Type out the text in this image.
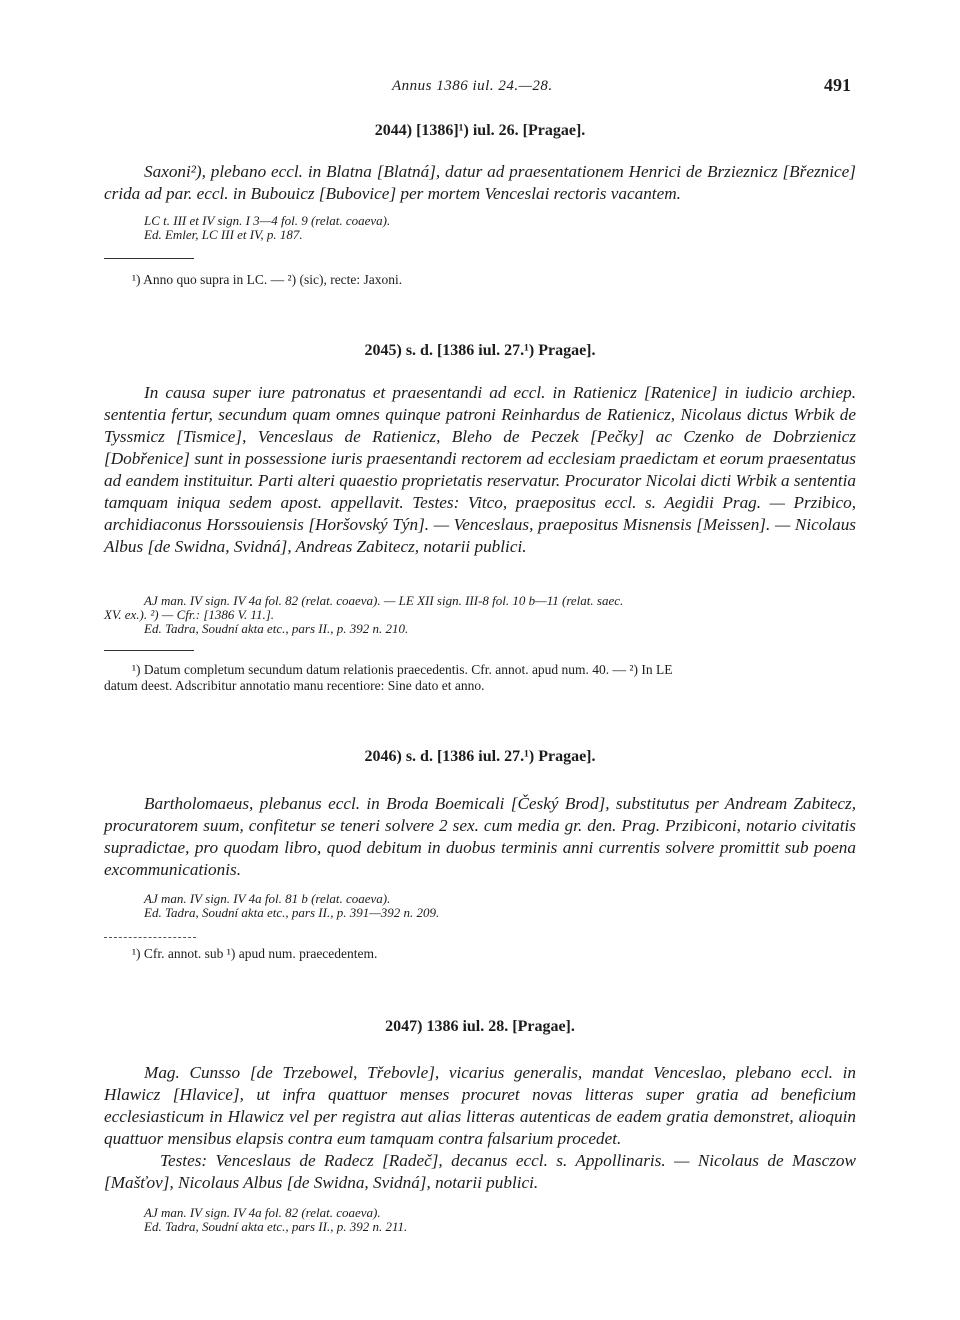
Annus 1386 iul. 24.—28.	491
2044) [1386]¹) iul. 26. [Pragae].

Saxoni²), plebano eccl. in Blatna [Blatná], datur ad praesentationem Henrici de Brzieznicz [Březnice] crida ad par. eccl. in Bubouicz [Bubovice] per mortem Venceslai rectoris vacantem.

LC t. III et IV sign. I 3—4 fol. 9 (relat. coaeva).
Ed. Emler, LC III et IV, p. 187.
¹) Anno quo supra in LC. — ²) (sic), recte: Jaxoni.
2045) s. d. [1386 iul. 27.¹) Pragae].

In causa super iure patronatus et praesentandi ad eccl. in Ratienicz [Ratenice] in iudicio archiep. sententia fertur, secundum quam omnes quinque patroni Reinhardus de Ratienicz, Nicolaus dictus Wrbik de Tyssmicz [Tismice], Venceslaus de Ratienicz, Bleho de Peczek [Pečky] ac Czenko de Dobrzienicz [Dobřenice] sunt in possessione iuris praesentandi rectorem ad ecclesiam praedictam et eorum praesentatus ad eandem instituitur. Parti alteri quaestio proprietatis reservatur. Procurator Nicolai dicti Wrbik a sententia tamquam iniqua sedem apost. appellavit. Testes: Vitco, praepositus eccl. s. Aegidii Prag. — Przibico, archidiaconus Horssouiensis [Horšovský Týn]. — Venceslaus, praepositus Misnensis [Meissen]. — Nicolaus Albus [de Swidna, Svidná], Andreas Zabitecz, notarii publici.

AJ man. IV sign. IV 4a fol. 82 (relat. coaeva). — LE XII sign. III-8 fol. 10 b—11 (relat. saec.
XV. ex.). ²) — Cfr.: [1386 V. 11.].
Ed. Tadra, Soudní akta etc., pars II., p. 392 n. 210.
¹) Datum completum secundum datum relationis praecedentis. Cfr. annot. apud num. 40. — ²) In LE
datum deest. Adscribitur annotatio manu recentiore: Sine dato et anno.
2046) s. d. [1386 iul. 27.¹) Pragae].

Bartholomaeus, plebanus eccl. in Broda Boemicali [Český Brod], substitutus per Andream Zabitecz, procuratorem suum, confitetur se teneri solvere 2 sex. cum media gr. den. Prag. Przibiconi, notario civitatis supradictae, pro quodam libro, quod debitum in duobus terminis anni currentis solvere promittit sub poena excommunicationis.

AJ man. IV sign. IV 4a fol. 81 b (relat. coaeva).
Ed. Tadra, Soudní akta etc., pars II., p. 391—392 n. 209.
¹) Cfr. annot. sub ¹) apud num. praecedentem.
2047) 1386 iul. 28. [Pragae].

Mag. Cunsso [de Trzebowel, Třebovle], vicarius generalis, mandat Venceslao, plebano eccl. in Hlawicz [Hlavice], ut infra quattuor menses procuret novas litteras super gratia ad beneficium ecclesiasticum in Hlawicz vel per registra aut alias litteras autenticas de eadem gratia demonstret, alioquin quattuor mensibus elapsis contra eum tamquam contra falsarium procedet.
Testes: Venceslaus de Radecz [Radeč], decanus eccl. s. Appollinaris. — Nicolaus de Masczow [Mašťov], Nicolaus Albus [de Swidna, Svidná], notarii publici.

AJ man. IV sign. IV 4a fol. 82 (relat. coaeva).
Ed. Tadra, Soudní akta etc., pars II., p. 392 n. 211.
